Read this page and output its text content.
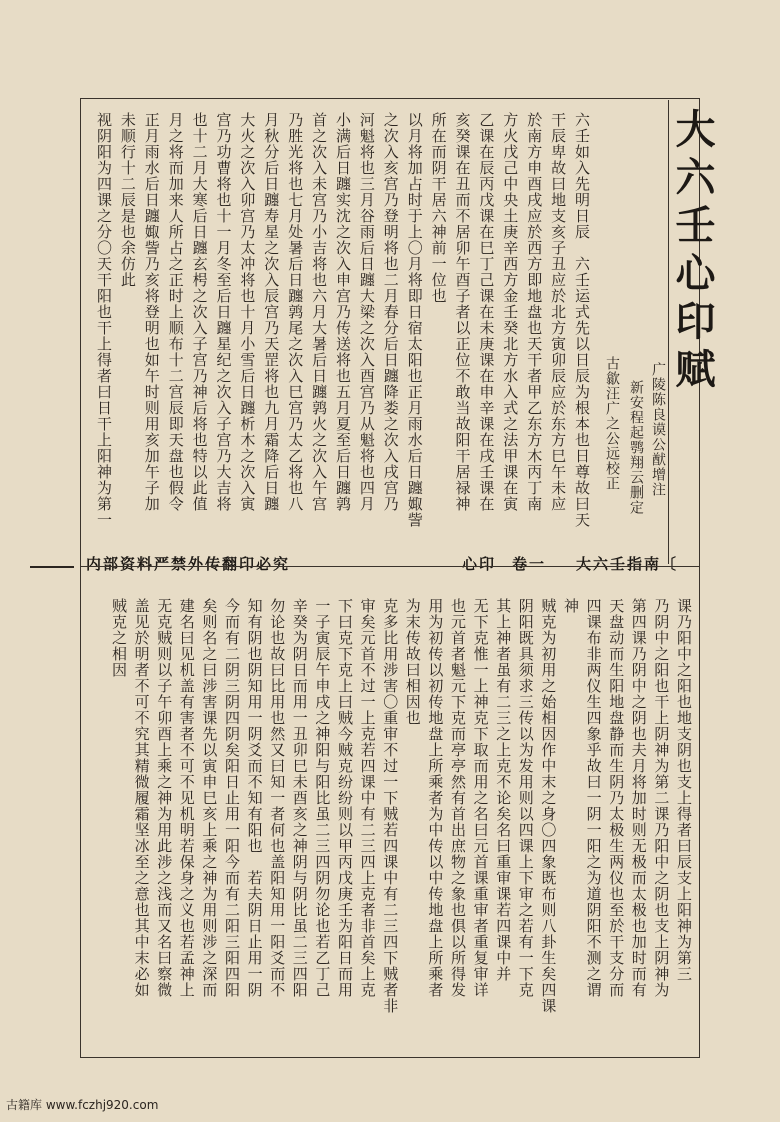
大六壬心印赋
广陵陈良谟公猷增注
新安程起鹗翔云删定
古歙汪广之公远校正
六壬如入先明日辰　六壬运式先以日辰为根本也日尊故曰天
干辰卑故曰地支亥子丑应於北方寅卯辰应於东方巳午未应
於南方申酉戌应於西方即地盘也天干者甲乙东方木丙丁南
方火戊己中央土庚辛西方金壬癸北方水入式之法甲课在寅
乙课在辰丙戊课在巳丁己课在未庚课在申辛课在戌壬课在
亥癸课在丑而不居卯午酉子者以正位不敢当故阳干居禄神
所在而阴干居六神前一位也
以月将加占时于上〇月将即日宿太阳也正月雨水后日躔娵訾
之次入亥宫乃登明将也二月春分后日躔降娄之次入戌宫乃
河魁将也三月谷雨后日躔大梁之次入酉宫乃从魁将也四月
小满后日躔实沈之次入申宫乃传送将也五月夏至后日躔鹑
首之次入未宫乃小吉将也六月大暑后日躔鹑火之次入午宫
乃胜光将也七月处暑后日躔鹑尾之次入巳宫乃太乙将也八
月秋分后日躔寿星之次入辰宫乃天罡将也九月霜降后日躔
大火之次入卯宫乃太冲将也十月小雪后日躔析木之次入寅
宫乃功曹将也十一月冬至后日躔星纪之次入子宫乃大吉将
也十二月大寒后日躔玄枵之次入子宫乃神后将也特以此值
月之将而加来人所占之正时上顺布十二宫辰即天盘也假令
正月雨水后日躔娵訾乃亥将登明也如午时则用亥加午子加
未顺行十二辰是也余仿此
视阴阳为四课之分〇天干阳也干上得者曰日干上阳神为第一
大六壬指南〔
卷一
心印
内部资料严禁外传翻印必究
课乃阳中之阳也地支阴也支上得者曰辰支上阳神为第三
乃阴中之阳也干上阴神为第二课乃阳中之阴也支上阴神为
第四课乃阴中之阴也夫月将加时则无极而太极也加时而有
天盘动而生阳地盘静而生阴乃太极生两仪也至於干支分而
四课布非两仪生四象乎故曰一阴一阳之为道阴阳不测之谓
神
贼克为初用之始相因作中末之身〇四象既布则八卦生矣四课
阴阳既具须求三传以为发用则以四课上下审之若有一下克
其上神者虽有二三之上克不论矣名曰重审课若四课中并
无下克惟一上神克下取而用之名曰元首课重审者重复审详
也元首者魁元下克而亭亭然有首出庶物之象也俱以所得发
用为初传以初传地盘上所乘者为中传以中传地盘上所乘者
为末传故曰相因也
克多比用涉害〇重审不过一下贼若四课中有二三四下贼者非
审矣元首不过一上克若四课中有二三四上克者非首矣上克
下曰克下克上曰贼今贼克纷纷则以甲丙戊庚壬为阳日而用
一子寅辰午申戌之神阳与阳比虽二三四阴勿论也若乙丁己
辛癸为阴日而用一丑卯巳未酉亥之神阴与阴比虽二三四阳
勿论也故曰比用也然又曰知一者何也盖阳知用一阳爻而不
知有阴也阴知用一阴爻而不知有阳也　若夫阴日止用一阴
今而有二阴三阴四阴矣阳日止用一阳今而有二阳三阳四阳
矣则名之曰涉害课先以寅申巳亥上乘之神为用则涉之深而
建名曰见机盖有害者不可不见机明若保身之义也若孟神上
无克贼则以子午卯酉上乘之神为用此涉之浅而又名曰察微
盖见於明者不可不究其精微履霜坚冰至之意也其中末必如
贼克之相因
古籍库 www.fczhj920.com
